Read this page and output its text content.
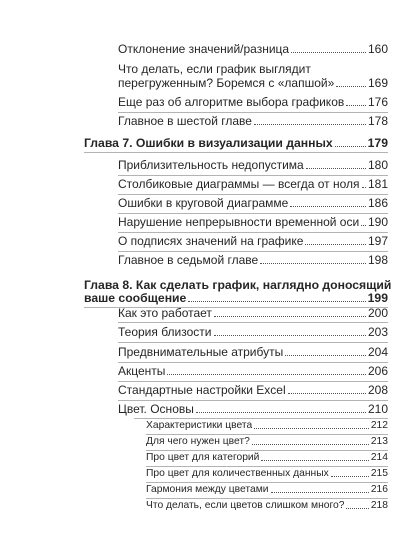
Отклонение значений/разница	160
Что делать, если график выглядит
перегруженным? Боремся с «лапшой»	169
Еще раз об алгоритме выбора графиков 176
Главное в шестой главе	178
Глава 7. Ошибки в визуализации данных	179
Приблизительность недопустима	180
Столбиковые диаграммы — всегда от ноля 181
Ошибки в круговой диаграмме	186
Нарушение непрерывности временной оси 190
О подписях значений на графике	197
Главное в седьмой главе	198
Глава 8. Как сделать график, наглядно доносящий
ваше сообщение	199
Как это работает	200
Теория близости	203
Предвнимательные атрибуты	204
Акценты	206
Стандартные настройки Excel	208
Цвет. Основы	210
Характеристики цвета	212
Для чего нужен цвет?	213
Про цвет для категорий	214
Про цвет для количественных данных	215
Гармония между цветами	216
Что делать, если цветов слишком много?	218
